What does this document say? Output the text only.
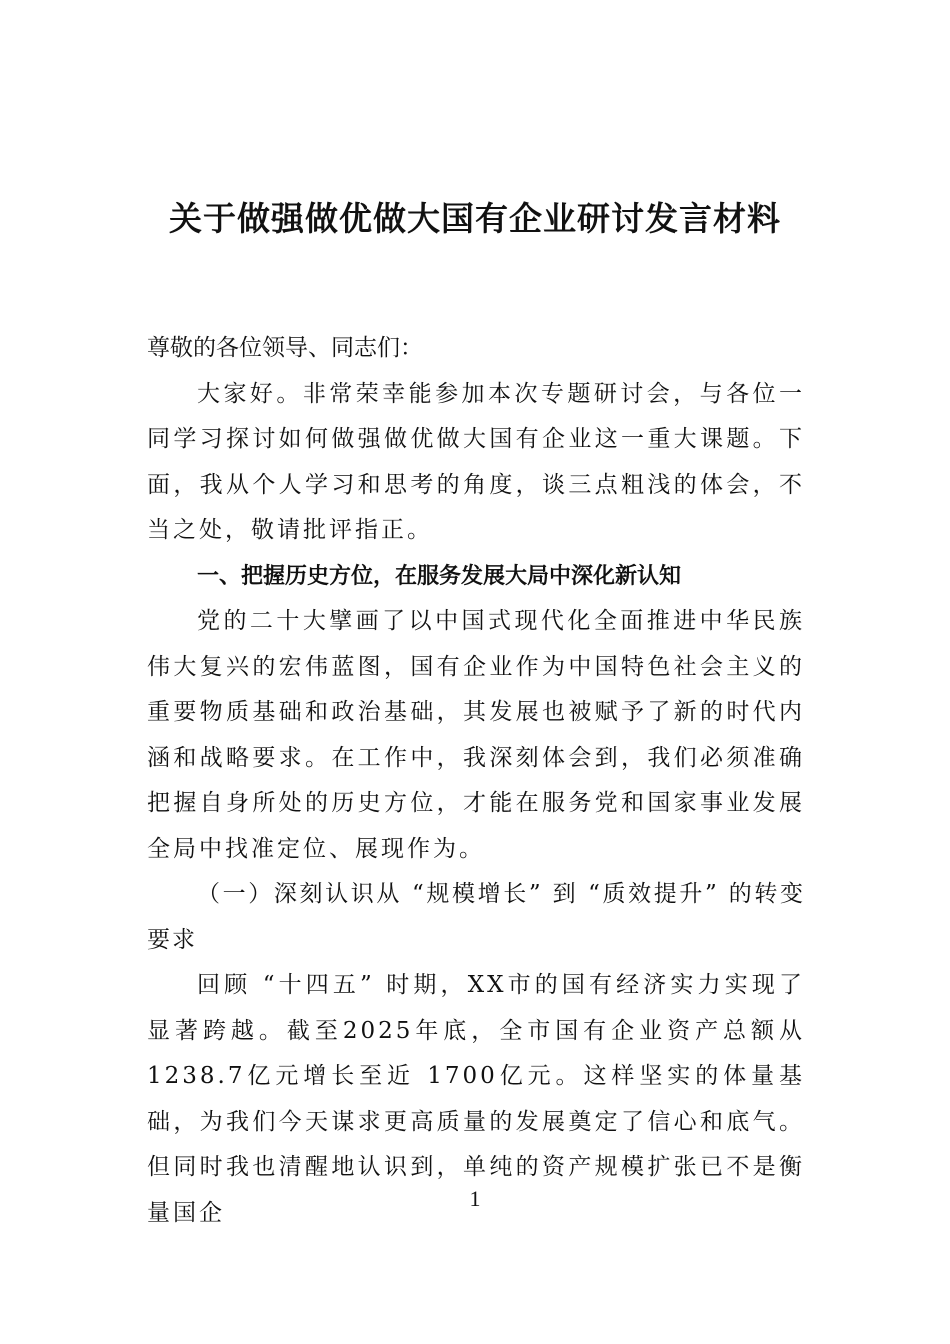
关于做强做优做大国有企业研讨发言材料

尊敬的各位领导、同志们：

大家好。非常荣幸能参加本次专题研讨会，与各位一同学习探讨如何做强做优做大国有企业这一重大课题。下面，我从个人学习和思考的角度，谈三点粗浅的体会，不当之处，敬请批评指正。

一、把握历史方位，在服务发展大局中深化新认知

党的二十大擘画了以中国式现代化全面推进中华民族伟大复兴的宏伟蓝图，国有企业作为中国特色社会主义的重要物质基础和政治基础，其发展也被赋予了新的时代内涵和战略要求。在工作中，我深刻体会到，我们必须准确把握自身所处的历史方位，才能在服务党和国家事业发展全局中找准定位、展现作为。

（一）深刻认识从 “规模增长” 到 “质效提升” 的转变要求

回顾 “十四五” 时期，XX市的国有经济实力实现了显著跨越。截至2025年底，全市国有企业资产总额从1238.7亿元增长至近 1700亿元。这样坚实的体量基础，为我们今天谋求更高质量的发展奠定了信心和底气。但同时我也清醒地认识到，单纯的资产规模扩张已不是衡量国企

1
